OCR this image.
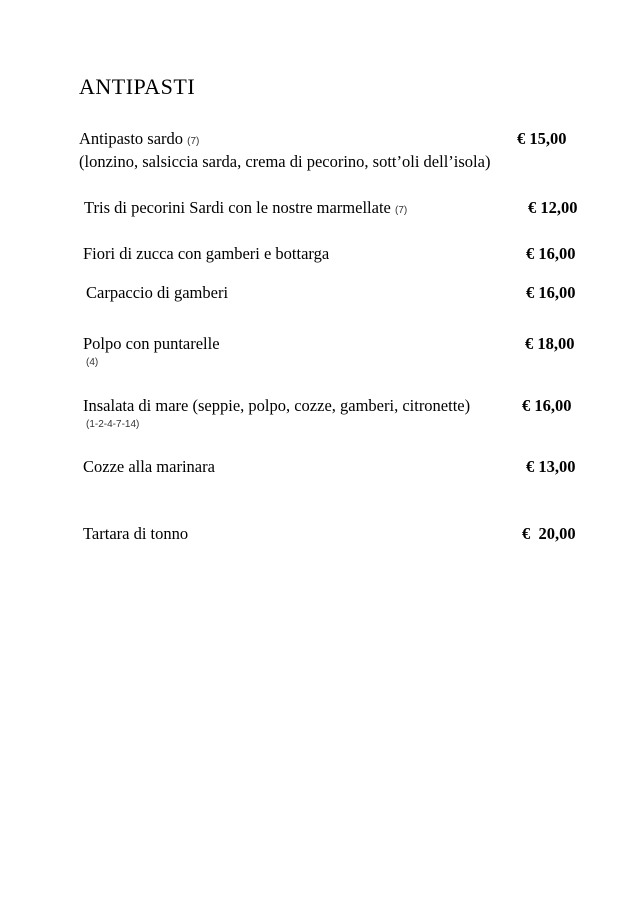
ANTIPASTI
Antipasto sardo (7)	€ 15,00
(lonzino, salsiccia sarda, crema di pecorino, sott’oli dell’isola)
Tris di pecorini Sardi con le nostre marmellate (7)	€ 12,00
Fiori di zucca con gamberi e bottarga	€ 16,00
Carpaccio di gamberi	€ 16,00
Polpo con puntarelle	€ 18,00
(4)
Insalata di mare (seppie, polpo, cozze, gamberi, citronette)	€ 16,00
(1-2-4-7-14)
Cozze alla marinara	€ 13,00
Tartara di tonno	€  20,00
